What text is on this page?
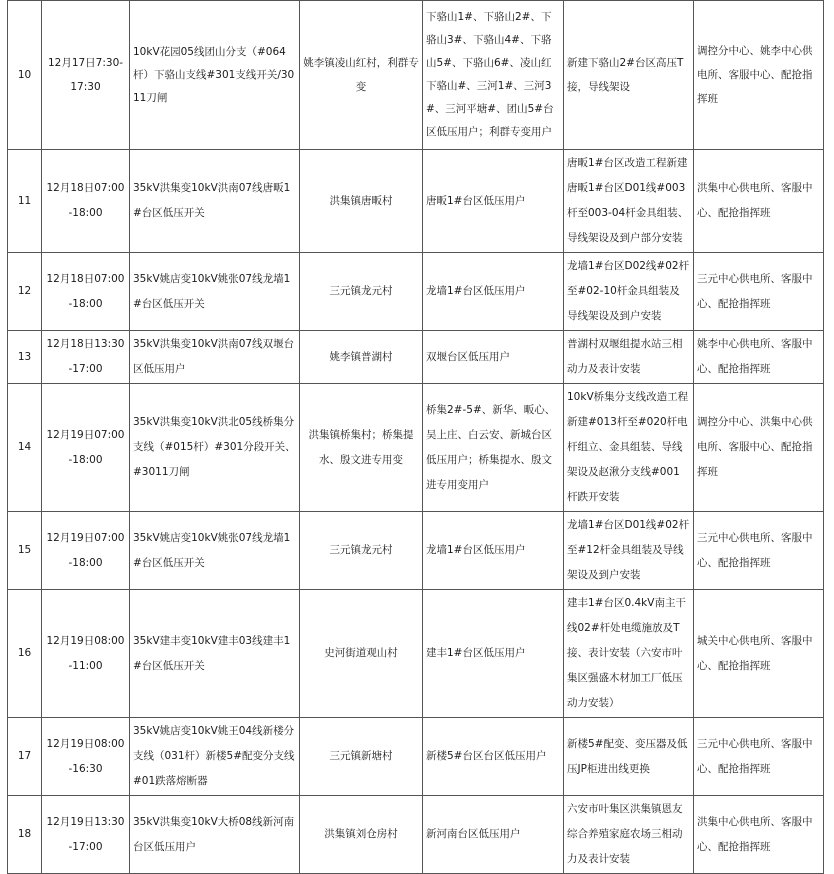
10	12月17日7:30-17:30	10kV花园05线团山分支（#064杆）下骆山支线#301支线开关/3011刀闸	姚李镇凌山红村，利群专变	下骆山1#、下骆山2#、下骆山3#、下骆山4#、下骆山5#、下骆山6#、凌山红下骆山#、三河1#、三河3#、三河平塘#、团山5#台区低压用户；利群专变用户	新建下骆山2#台区高压T接，导线架设	调控分中心、姚李中心供电所、客服中心、配抢指挥班
11	12月18日07:00-18:00	35kV洪集变10kV洪南07线唐畈1#台区低压开关	洪集镇唐畈村	唐畈1#台区低压用户	唐畈1#台区改造工程新建唐畈1#台区D01线#003杆至003-04杆金具组装、导线架设及到户部分安装	洪集中心供电所、客服中心、配抢指挥班
12	12月18日07:00-18:00	35kV姚店变10kV姚张07线龙墙1#台区低压开关	三元镇龙元村	龙墙1#台区低压用户	龙墙1#台区D02线#02杆至#02-10杆金具组装及导线架设及到户安装	三元中心供电所、客服中心、配抢指挥班
13	12月18日13:30-17:00	35kV洪集变10kV洪南07线双堰台区低压用户	姚李镇普湖村	双堰台区低压用户	普湖村双堰组提水站三相动力及表计安装	姚李中心供电所、客服中心、配抢指挥班
14	12月19日07:00-18:00	35kV洪集变10kV洪北05线桥集分支线（#015杆）#301分段开关、#3011刀闸	洪集镇桥集村；桥集提水、殷文进专用变	桥集2#-5#、新华、畈心、吴上庄、白云安、新城台区低压用户；桥集提水、殷文进专用变用户	10kV桥集分支线改造工程新建#013杆至#020杆电杆组立、金具组装、导线架设及赵湫分支线#001杆跌开安装	调控分中心、洪集中心供电所、客服中心、配抢指挥班
15	12月19日07:00-18:00	35kV姚店变10kV姚张07线龙墙1#台区低压开关	三元镇龙元村	龙墙1#台区低压用户	龙墙1#台区D01线#02杆至#12杆金具组装及导线架设及到户安装	三元中心供电所、客服中心、配抢指挥班
16	12月19日08:00-11:00	35kV建丰变10kV建丰03线建丰1#台区低压开关	史河街道观山村	建丰1#台区低压用户	建丰1#台区0.4kV南主干线02#杆处电缆施放及T接、表计安装（六安市叶集区强盛木材加工厂低压动力安装）	城关中心供电所、客服中心、配抢指挥班
17	12月19日08:00-16:30	35kV姚店变10kV姚王04线新楼分支线（031杆）新楼5#配变分支线#01跌落熔断器	三元镇新塘村	新楼5#台区台区低压用户	新楼5#配变、变压器及低压JP柜进出线更换	三元中心供电所、客服中心、配抢指挥班
18	12月19日13:30-17:00	35kV洪集变10kV大桥08线新河南台区低压用户	洪集镇刘仓房村	新河南台区低压用户	六安市叶集区洪集镇恩友综合养殖家庭农场三相动力及表计安装	洪集中心供电所、客服中心、配抢指挥班
